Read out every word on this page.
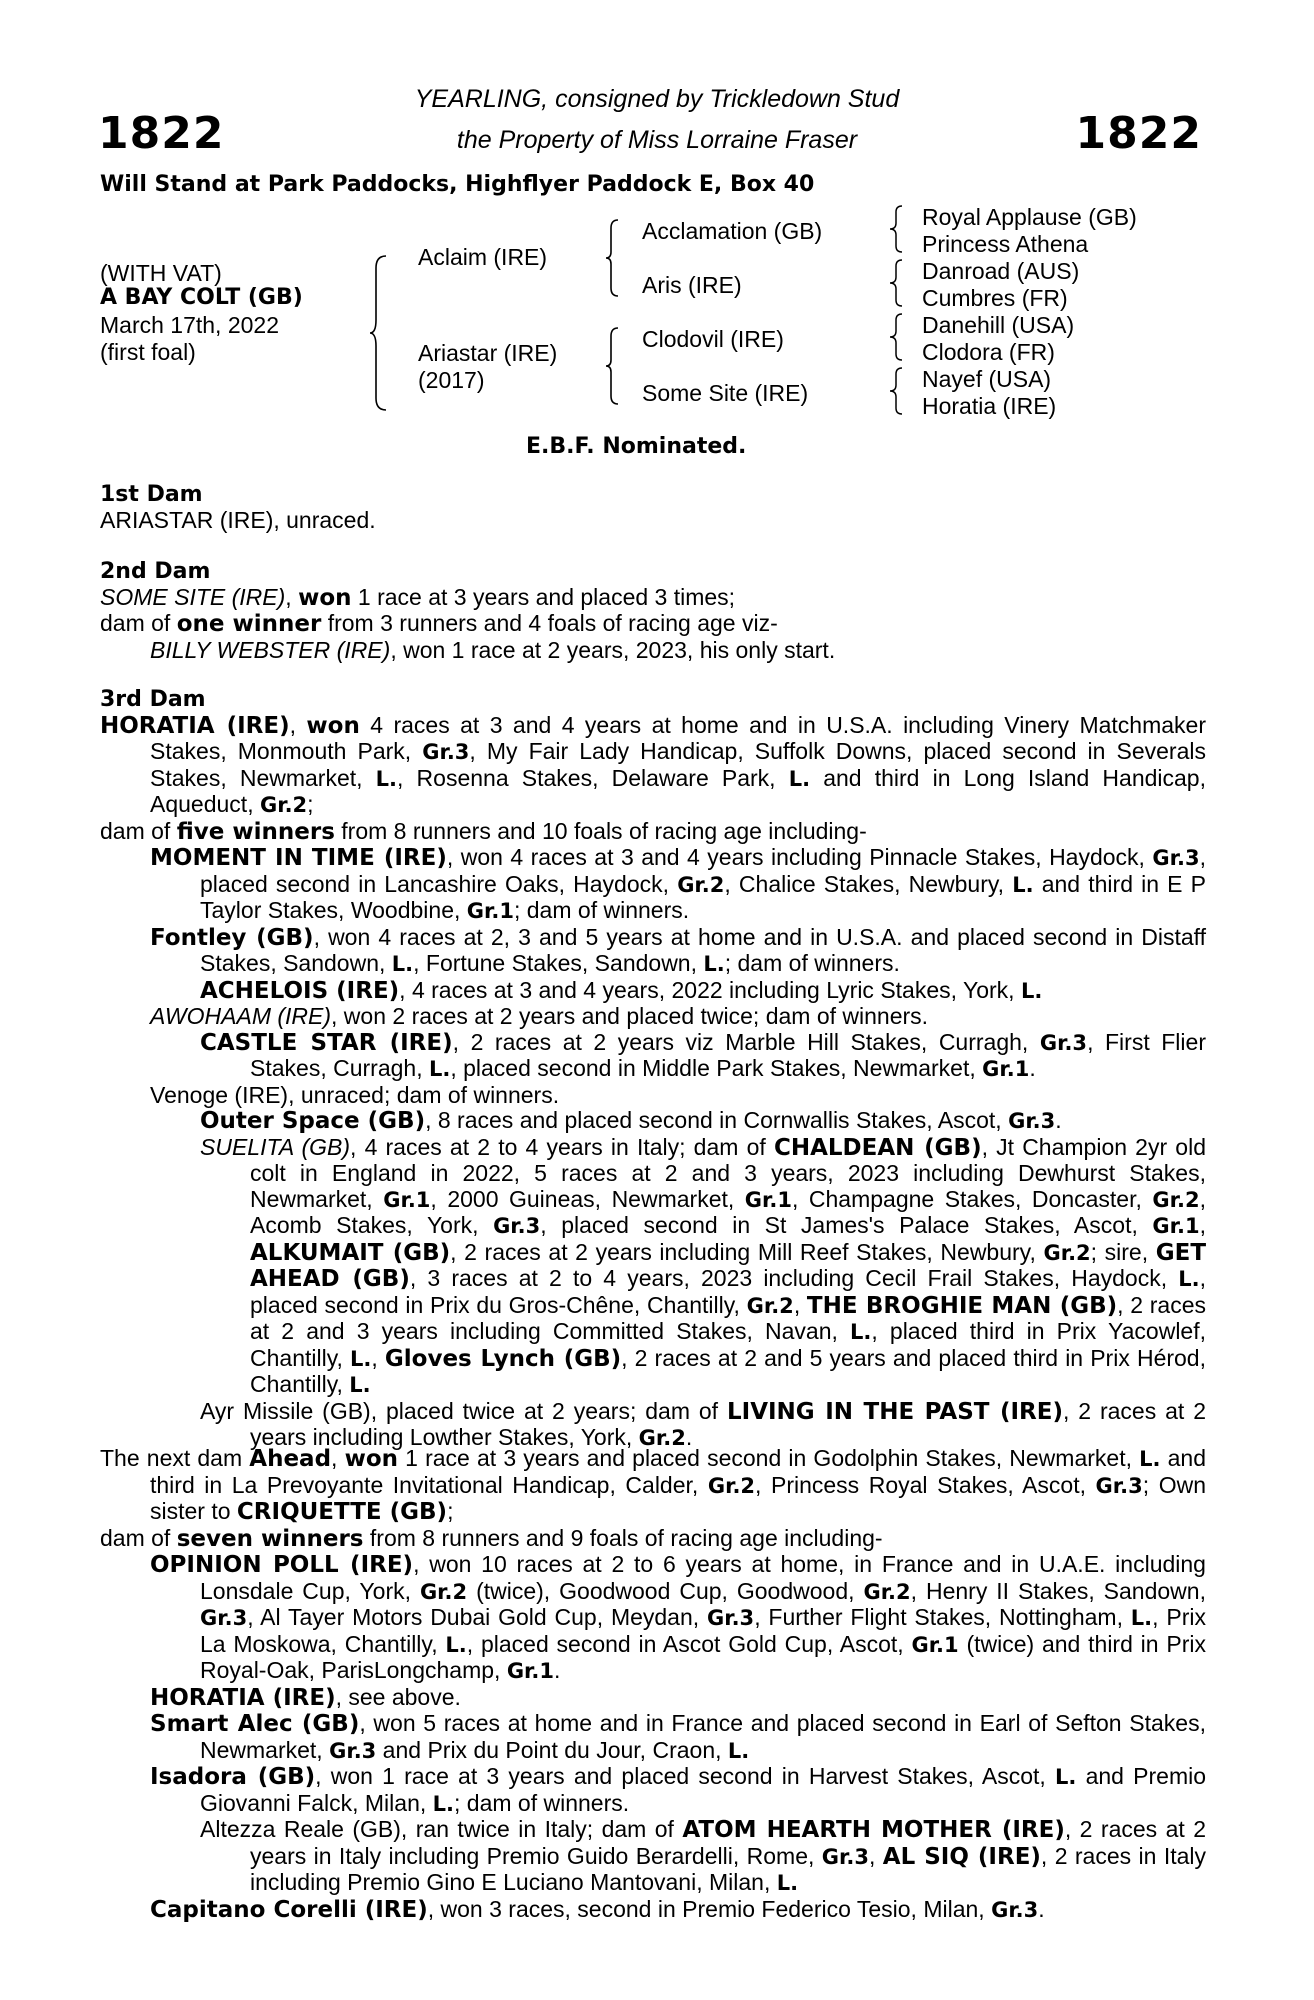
1822	1822
YEARLING, consigned by Trickledown Stud
the Property of Miss Lorraine Fraser
Will Stand at Park Paddocks, Highflyer Paddock E, Box 40
(WITH VAT)
A BAY COLT (GB)
March 17th, 2022
(first foal)
Aclaim (IRE)
Ariastar (IRE)
(2017)
Acclamation (GB)
Aris (IRE)
Clodovil (IRE)
Some Site (IRE)
Royal Applause (GB)
Princess Athena
Danroad (AUS)
Cumbres (FR)
Danehill (USA)
Clodora (FR)
Nayef (USA)
Horatia (IRE)
E.B.F. Nominated.
1st Dam
ARIASTAR (IRE), unraced.
2nd Dam
SOME SITE (IRE), won 1 race at 3 years and placed 3 times;
dam of one winner from 3 runners and 4 foals of racing age viz-
BILLY WEBSTER (IRE), won 1 race at 2 years, 2023, his only start.
3rd Dam
HORATIA (IRE), won 4 races at 3 and 4 years at home and in U.S.A. including Vinery Matchmaker Stakes, Monmouth Park, Gr.3, My Fair Lady Handicap, Suffolk Downs, placed second in Severals Stakes, Newmarket, L., Rosenna Stakes, Delaware Park, L. and third in Long Island Handicap, Aqueduct, Gr.2;
dam of five winners from 8 runners and 10 foals of racing age including-
MOMENT IN TIME (IRE), won 4 races at 3 and 4 years including Pinnacle Stakes, Haydock, Gr.3, placed second in Lancashire Oaks, Haydock, Gr.2, Chalice Stakes, Newbury, L. and third in E P Taylor Stakes, Woodbine, Gr.1; dam of winners.
Fontley (GB), won 4 races at 2, 3 and 5 years at home and in U.S.A. and placed second in Distaff Stakes, Sandown, L., Fortune Stakes, Sandown, L.; dam of winners.
ACHELOIS (IRE), 4 races at 3 and 4 years, 2022 including Lyric Stakes, York, L.
AWOHAAM (IRE), won 2 races at 2 years and placed twice; dam of winners.
CASTLE STAR (IRE), 2 races at 2 years viz Marble Hill Stakes, Curragh, Gr.3, First Flier Stakes, Curragh, L., placed second in Middle Park Stakes, Newmarket, Gr.1.
Venoge (IRE), unraced; dam of winners.
Outer Space (GB), 8 races and placed second in Cornwallis Stakes, Ascot, Gr.3.
SUELITA (GB), 4 races at 2 to 4 years in Italy; dam of CHALDEAN (GB), Jt Champion 2yr old colt in England in 2022, 5 races at 2 and 3 years, 2023 including Dewhurst Stakes, Newmarket, Gr.1, 2000 Guineas, Newmarket, Gr.1, Champagne Stakes, Doncaster, Gr.2, Acomb Stakes, York, Gr.3, placed second in St James's Palace Stakes, Ascot, Gr.1, ALKUMAIT (GB), 2 races at 2 years including Mill Reef Stakes, Newbury, Gr.2; sire, GET AHEAD (GB), 3 races at 2 to 4 years, 2023 including Cecil Frail Stakes, Haydock, L., placed second in Prix du Gros-Chêne, Chantilly, Gr.2, THE BROGHIE MAN (GB), 2 races at 2 and 3 years including Committed Stakes, Navan, L., placed third in Prix Yacowlef, Chantilly, L., Gloves Lynch (GB), 2 races at 2 and 5 years and placed third in Prix Hérod, Chantilly, L.
Ayr Missile (GB), placed twice at 2 years; dam of LIVING IN THE PAST (IRE), 2 races at 2 years including Lowther Stakes, York, Gr.2.
The next dam Ahead, won 1 race at 3 years and placed second in Godolphin Stakes, Newmarket, L. and third in La Prevoyante Invitational Handicap, Calder, Gr.2, Princess Royal Stakes, Ascot, Gr.3; Own sister to CRIQUETTE (GB);
dam of seven winners from 8 runners and 9 foals of racing age including-
OPINION POLL (IRE), won 10 races at 2 to 6 years at home, in France and in U.A.E. including Lonsdale Cup, York, Gr.2 (twice), Goodwood Cup, Goodwood, Gr.2, Henry II Stakes, Sandown, Gr.3, Al Tayer Motors Dubai Gold Cup, Meydan, Gr.3, Further Flight Stakes, Nottingham, L., Prix La Moskowa, Chantilly, L., placed second in Ascot Gold Cup, Ascot, Gr.1 (twice) and third in Prix Royal-Oak, ParisLongchamp, Gr.1.
HORATIA (IRE), see above.
Smart Alec (GB), won 5 races at home and in France and placed second in Earl of Sefton Stakes, Newmarket, Gr.3 and Prix du Point du Jour, Craon, L.
Isadora (GB), won 1 race at 3 years and placed second in Harvest Stakes, Ascot, L. and Premio Giovanni Falck, Milan, L.; dam of winners.
Altezza Reale (GB), ran twice in Italy; dam of ATOM HEARTH MOTHER (IRE), 2 races at 2 years in Italy including Premio Guido Berardelli, Rome, Gr.3, AL SIQ (IRE), 2 races in Italy including Premio Gino E Luciano Mantovani, Milan, L.
Capitano Corelli (IRE), won 3 races, second in Premio Federico Tesio, Milan, Gr.3.
